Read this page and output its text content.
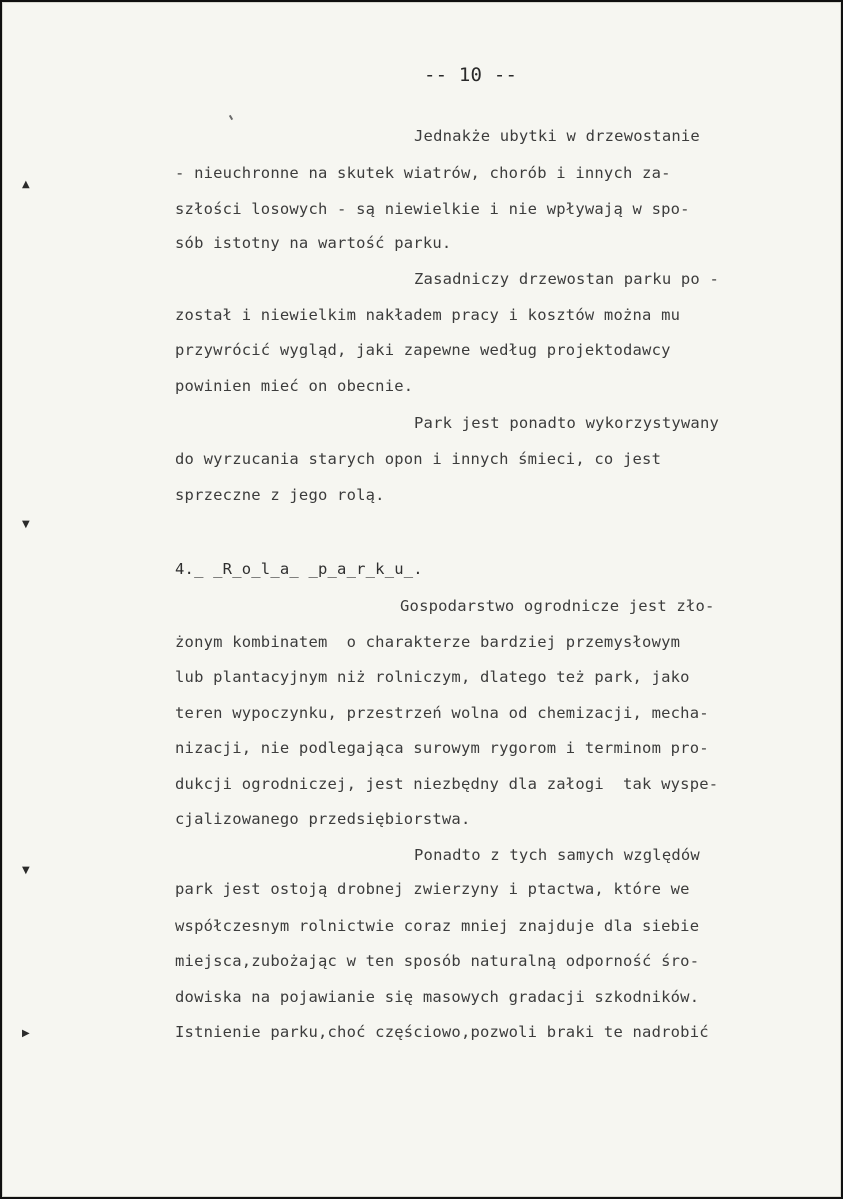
▲
▼
▼
▶
-- 10 --
Jednakże ubytki w drzewostanie
- nieuchronne na skutek wiatrów, chorób i innych za-
szłości losowych - są niewielkie i nie wpływają w spo-
sób istotny na wartość parku.
Zasadniczy drzewostan parku po -
został i niewielkim nakładem pracy i kosztów można mu
przywrócić wygląd, jaki zapewne według projektodawcy
powinien mieć on obecnie.
Park jest ponadto wykorzystywany
do wyrzucania starych opon i innych śmieci, co jest
sprzeczne z jego rolą.
4._ _R_o_l_a_ _p_a_r_k_u_.
Gospodarstwo ogrodnicze jest zło-
żonym kombinatem  o charakterze bardziej przemysłowym
lub plantacyjnym niż rolniczym, dlatego też park, jako
teren wypoczynku, przestrzeń wolna od chemizacji, mecha-
nizacji, nie podlegająca surowym rygorom i terminom pro-
dukcji ogrodniczej, jest niezbędny dla załogi  tak wyspe-
cjalizowanego przedsiębiorstwa.
Ponadto z tych samych względów
park jest ostoją drobnej zwierzyny i ptactwa, które we
współczesnym rolnictwie coraz mniej znajduje dla siebie
miejsca,zubożając w ten sposób naturalną odporność śro-
dowiska na pojawianie się masowych gradacji szkodników.
Istnienie parku,choć częściowo,pozwoli braki te nadrobić
